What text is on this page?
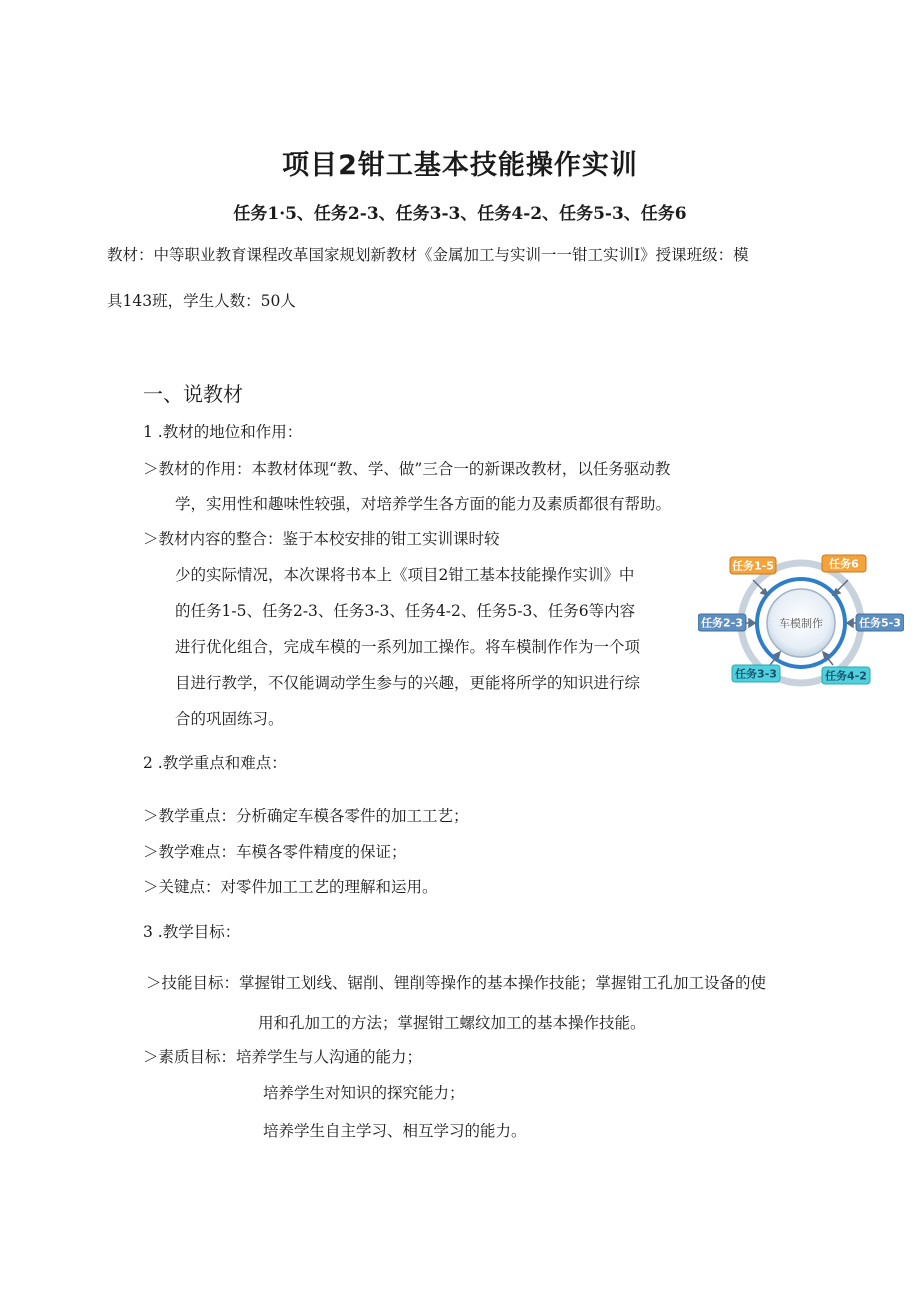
项目2钳工基本技能操作实训
任务1·5、任务2-3、任务3-3、任务4-2、任务5-3、任务6
教材：中等职业教育课程改革国家规划新教材《金属加工与实训一一钳工实训I》授课班级：模
具143班，学生人数：50人
一、说教材
1 .教材的地位和作用：
＞教材的作用：本教材体现“教、学、做”三合一的新课改教材，以任务驱动教
学，实用性和趣味性较强，对培养学生各方面的能力及素质都很有帮助。
＞教材内容的整合：鉴于本校安排的钳工实训课时较
少的实际情况，本次课将书本上《项目2钳工基本技能操作实训》中
的任务1-5、任务2-3、任务3-3、任务4-2、任务5-3、任务6等内容
进行优化组合，完成车模的一系列加工操作。将车模制作作为一个项
目进行教学，不仅能调动学生参与的兴趣，更能将所学的知识进行综
合的巩固练习。
车模制作
任务1-5	任务6
任务2-3	任务5-3
任务3-3	任务4-2
2 .教学重点和难点：
＞教学重点：分析确定车模各零件的加工工艺；
＞教学难点：车模各零件精度的保证；
＞关键点：对零件加工工艺的理解和运用。
3 .教学目标：
＞技能目标：掌握钳工划线、锯削、锂削等操作的基本操作技能；掌握钳工孔加工设备的使
用和孔加工的方法；掌握钳工螺纹加工的基本操作技能。
＞素质目标：培养学生与人沟通的能力；
培养学生对知识的探究能力；
培养学生自主学习、相互学习的能力。
